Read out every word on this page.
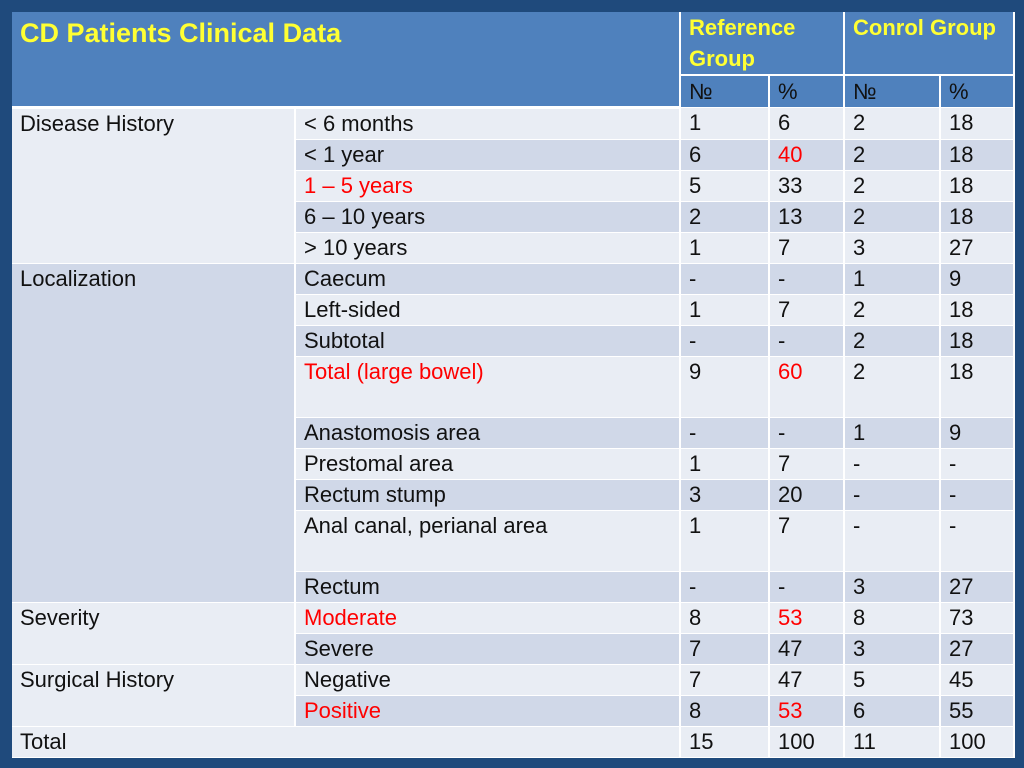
CD Patients Clinical Data		Reference Group		Conrol Group	
		№	%	№	%
Disease History	< 6 months	1	6	2	18
	< 1 year	6	40	2	18
	1 – 5 years	5	33	2	18
	6 – 10 years	2	13	2	18
	> 10 years	1	7	3	27
Localization	Caecum	-	-	1	9
	Left-sided	1	7	2	18
	Subtotal	-	-	2	18
	Total (large bowel)	9	60	2	18
	Anastomosis area	-	-	1	9
	Prestomal area	1	7	-	-
	Rectum stump	3	20	-	-
	Anal canal, perianal area	1	7	-	-
	Rectum	-	-	3	27
Severity	Moderate	8	53	8	73
	Severe	7	47	3	27
Surgical History	Negative	7	47	5	45
	Positive	8	53	6	55
Total		15	100	11	100
